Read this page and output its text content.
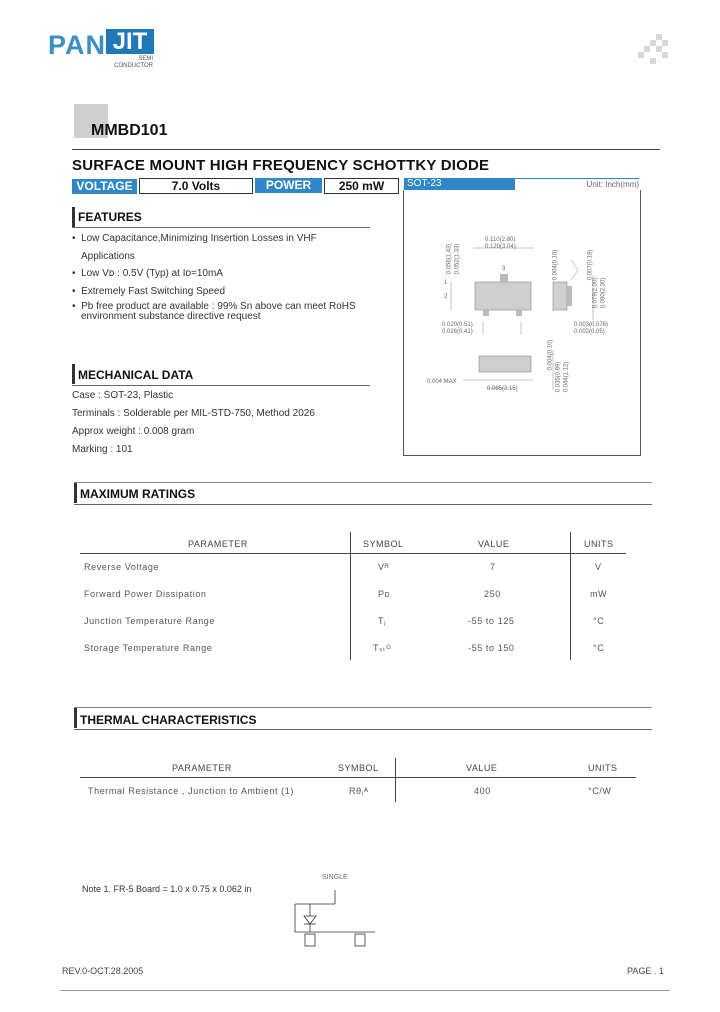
PAN JIT
SEMI
CONDUCTOR
MMBD101
SURFACE MOUNT HIGH FREQUENCY SCHOTTKY DIODE
VOLTAGE	7.0 Volts	POWER	250 mW	SOT-23	Unit: Inch(mm)
FEATURES
•  Low Capacitance,Minimizing Insertion Losses in VHF
Applications
•  Low Vᴅ : 0.5V (Typ) at Iᴅ=10mA
•  Extremely Fast Switching Speed
•  Pb free product are available : 99% Sn above can meet RoHS
environment substance directive request
MECHANICAL DATA
Case : SOT-23, Plastic
Terminals : Solderable per MIL-STD-750, Method 2026
Approx weight : 0.008 gram
Marking : 101
0.110(2.80)
0.120(3.04)
0.056(1.43) 0.052(1.33)	0.004(0.10)	0.007(0.18)
0.020(0.51)
0.016(0.41)
0.079(2.00) 0.090(2.30)
0.003(0.076)
0.002(0.05)
0.004(0.10)
0.035(0.89) 0.044(1.12)
0.004 MAX
0.085(2.15)
1
2
3
MAXIMUM RATINGS
PARAMETER	SYMBOL	VALUE	UNITS
Reverse Voltage	Vᴿ	7	V
Forward Power Dissipation	Pᴅ	250	mW
Junction Temperature Range	Tⱼ	-55 to 125	°C
Storage Temperature Range	Tₛₜᴳ	-55 to 150	°C
THERMAL CHARACTERISTICS
PARAMETER	SYMBOL	VALUE	UNITS
Thermal Resistance , Junction to Ambient (1)	Rθⱼᴬ	400	°C/W
Note 1. FR-5 Board = 1.0 x 0.75 x 0.062 in
SINGLE
REV.0-OCT.28.2005	PAGE . 1
